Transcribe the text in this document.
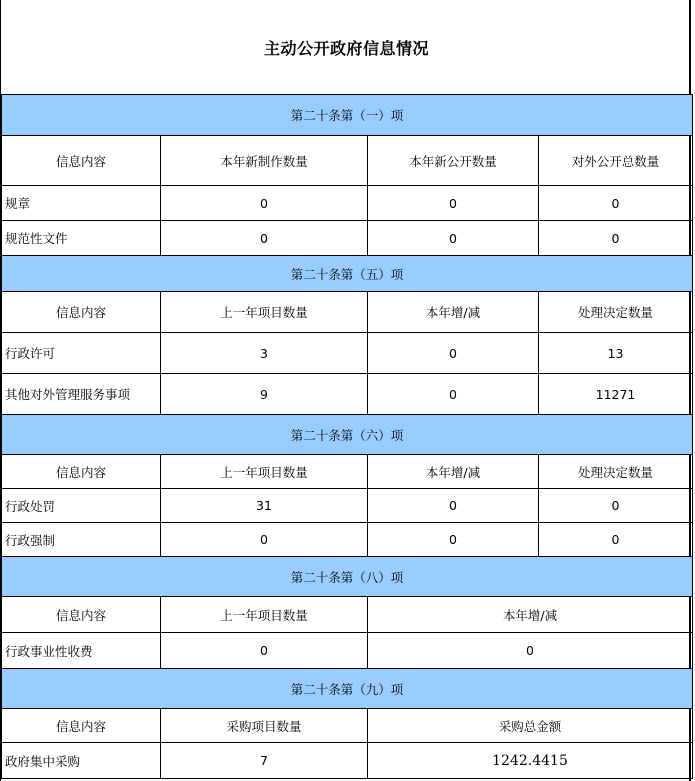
主动公开政府信息情况
第二十条第（一）项			
信息内容	本年新制作数量	本年新公开数量	对外公开总数量
规章	0	0	0
规范性文件	0	0	0
第二十条第（五）项			
信息内容	上一年项目数量	本年增/减	处理决定数量
行政许可	3	0	13
其他对外管理服务事项	9	0	11271
第二十条第（六）项			
信息内容	上一年项目数量	本年增/减	处理决定数量
行政处罚	31	0	0
行政强制	0	0	0
第二十条第（八）项			
信息内容	上一年项目数量	本年增/减	
行政事业性收费	0	0	
第二十条第（九）项			
信息内容	采购项目数量	采购总金额	
政府集中采购	7	1242.4415	
